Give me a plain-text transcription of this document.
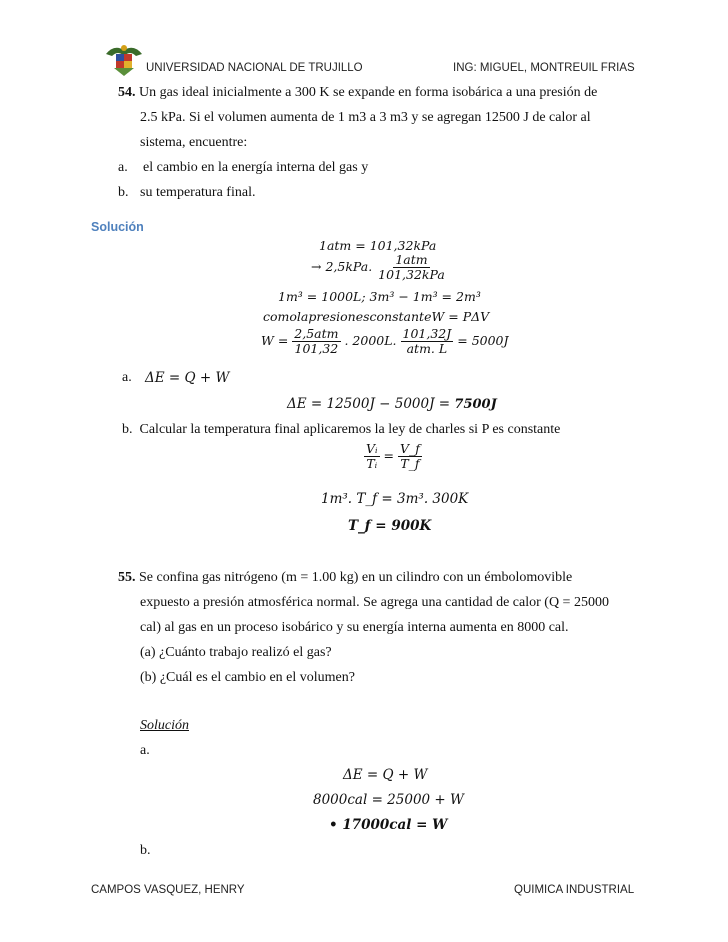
UNIVERSIDAD NACIONAL DE TRUJILLO	ING: MIGUEL, MONTREUIL FRIAS
54. Un gas ideal inicialmente a 300 K se expande en forma isobárica a una presión de
2.5 kPa. Si el volumen aumenta de 1 m3 a 3 m3 y se agregan 12500 J de calor al
sistema, encuentre:
a. el cambio en la energía interna del gas y
b. su temperatura final.
Solución
1atm = 101,32kPa
→ 2,5kPa. $\frac{\text{1atm}}{\text{101,32kPa}}$
1m³ = 1000L; 3m³ − 1m³ = 2m³
comolapresionesconstanteW = PΔV
$W = \frac{\text{2,5atm}}{101,32}$ . 2000L. $\frac{101,32J}{\text{atm. L}} = 5000J$
a. ΔE = Q + W
ΔE = 12500J − 5000J = 7500J
b. Calcular la temperatura final aplicaremos la ley de charles si P es constante
$\frac{\text{Vᵢ}}{\text{Tᵢ}} = \frac{V\_f}{T\_f}$
1m³. T_f = 3m³. 300K
T_f = 900K
55. Se confina gas nitrógeno (m = 1.00 kg) en un cilindro con un émbolomovible
expuesto a presión atmosférica normal. Se agrega una cantidad de calor (Q = 25000
cal) al gas en un proceso isobárico y su energía interna aumenta en 8000 cal.
(a) ¿Cuánto trabajo realizó el gas?
(b) ¿Cuál es el cambio en el volumen?
Solución
a.
ΔE = Q + W
8000cal = 25000 + W
• 17000cal = W
b.
CAMPOS VASQUEZ, HENRY	QUIMICA INDUSTRIAL
